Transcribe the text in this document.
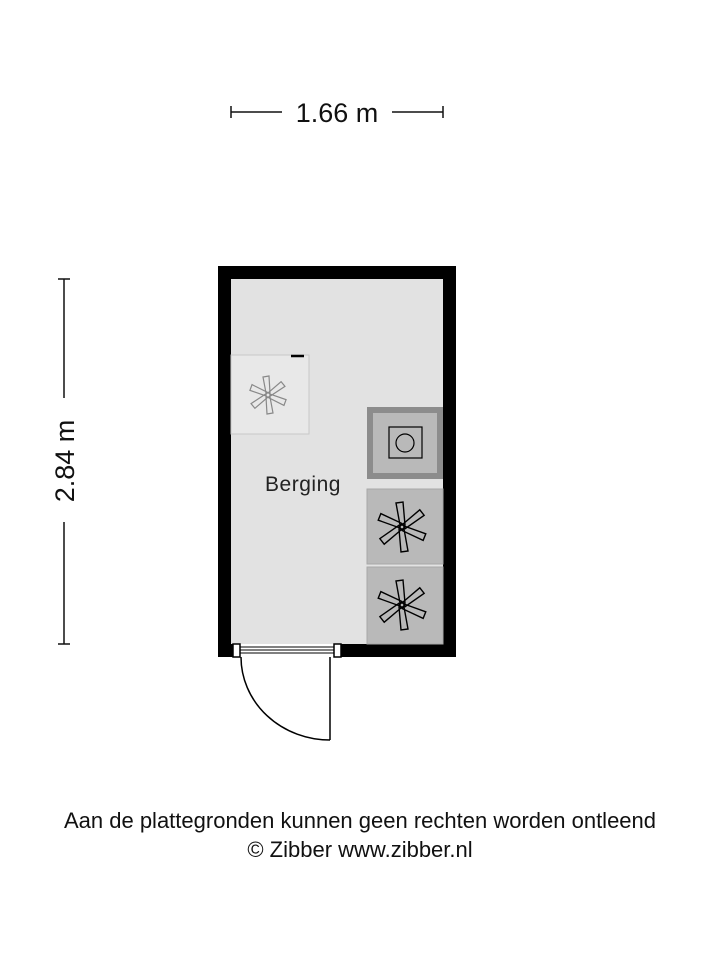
1.66 m
2.84 m	Berging
Aan de plattegronden kunnen geen rechten worden ontleend
© Zibber www.zibber.nl
